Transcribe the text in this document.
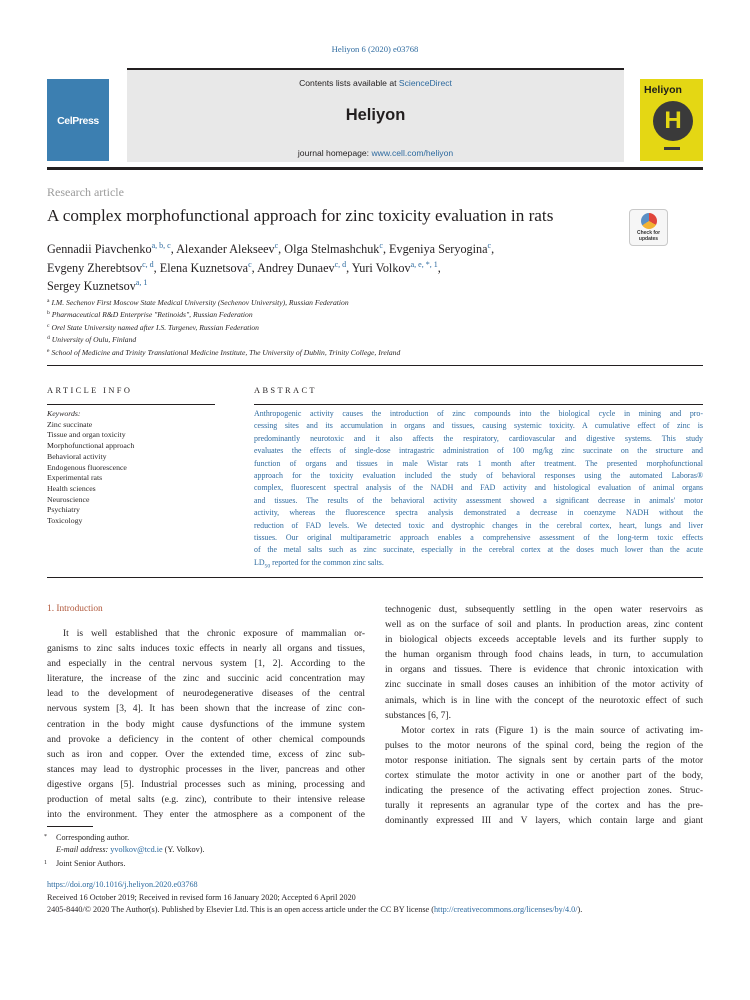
Heliyon 6 (2020) e03768
CelPress
Contents lists available at ScienceDirect
Heliyon
journal homepage: www.cell.com/heliyon
Heliyon
H
Research article
A complex morphofunctional approach for zinc toxicity evaluation in rats
Check for
updates
Gennadii Piavchenko$^{a, b, c}$, Alexander Alekseev$^c$, Olga Stelmashchuk$^c$, Evgeniya Seryogina$^c$,
Evgeny Zherebtsov$^{c, d}$, Elena Kuznetsova$^c$, Andrey Dunaev$^{c, d}$, Yuri Volkov$^{a, e, *, 1}$,
Sergey Kuznetsov$^{a, 1}$
$^a$ I.M. Sechenov First Moscow State Medical University (Sechenov University), Russian Federation
$^b$ Pharmaceutical R&D Enterprise "Retinoids", Russian Federation
$^c$ Orel State University named after I.S. Turgenev, Russian Federation
$^d$ University of Oulu, Finland
$^e$ School of Medicine and Trinity Translational Medicine Institute, The University of Dublin, Trinity College, Ireland
ARTICLE INFO	ABSTRACT
Keywords:
Zinc succinate
Tissue and organ toxicity
Morphofunctional approach
Behavioral activity
Endogenous fluorescence
Experimental rats
Health sciences
Neuroscience
Psychiatry
Toxicology
Anthropogenic activity causes the introduction of zinc compounds into the biological cycle in mining and pro-
cessing sites and its accumulation in organs and tissues, causing systemic toxicity. A cumulative effect of zinc is
predominantly neurotoxic and it also affects the respiratory, cardiovascular and digestive systems. This study
evaluates the effects of single-dose intragastric administration of 100 mg/kg zinc succinate on the structure and
function of organs and tissues in male Wistar rats 1 month after treatment. The presented morphofunctional
approach for the toxicity evaluation included the study of behavioral responses using the automated Laboras®
complex, fluorescent spectral analysis of the NADH and FAD activity and histological evaluation of animal organs
and tissues. The results of the behavioral activity assessment showed a significant decrease in animals' motor
activity, whereas the fluorescence spectra analysis demonstrated a decrease in coenzyme NADH without the
reduction of FAD levels. We detected toxic and dystrophic changes in the cerebral cortex, heart, lungs and liver
tissues. Our original multiparametric approach enables a comprehensive assessment of the long-term toxic effects
of the metal salts such as zinc succinate, especially in the cerebral cortex at the doses much lower than the acute
$LD_{50}$ reported for the common zinc salts.
1. Introduction
It is well established that the chronic exposure of mammalian or-
ganisms to zinc salts induces toxic effects in nearly all organs and tissues,
and especially in the central nervous system [1, 2]. According to the
literature, the increase of the zinc and succinic acid concentration may
lead to the development of neurodegenerative diseases of the central
nervous system [3, 4]. It has been shown that the increase of zinc con-
centration in the body might cause dysfunctions of the immune system
and provoke a deficiency in the content of other chemical compounds
such as iron and copper. Over the extended time, excess of zinc sub-
stances may lead to dystrophic processes in the liver, pancreas and other
digestive organs [5]. Industrial processes such as mining, processing and
production of metal salts (e.g. zinc), contribute to their intensive release
into the environment. They enter the atmosphere as a component of the
technogenic dust, subsequently settling in the open water reservoirs as
well as on the surface of soil and plants. In production areas, zinc content
in biological objects exceeds acceptable levels and its further supply to
the human organism through food chains leads, in turn, to accumulation
in organs and tissues. There is evidence that chronic intoxication with
zinc succinate in small doses causes an inhibition of the motor activity of
animals, which is in line with the concept of the neurotoxic effect of such
substances [6, 7].
Motor cortex in rats (Figure 1) is the main source of activating im-
pulses to the motor neurons of the spinal cord, being the region of the
motor response initiation. The signals sent by certain parts of the motor
cortex stimulate the motor activity in one or another part of the body,
indicating the presence of the activating effect projection zones. Struc-
turally it represents an agranular type of the cortex and has the pre-
dominantly expressed III and V layers, which contain large and giant
* Corresponding author.
E-mail address: yvolkov@tcd.ie (Y. Volkov).
1 Joint Senior Authors.
https://doi.org/10.1016/j.heliyon.2020.e03768
Received 16 October 2019; Received in revised form 16 January 2020; Accepted 6 April 2020
2405-8440/© 2020 The Author(s). Published by Elsevier Ltd. This is an open access article under the CC BY license (http://creativecommons.org/licenses/by/4.0/).
